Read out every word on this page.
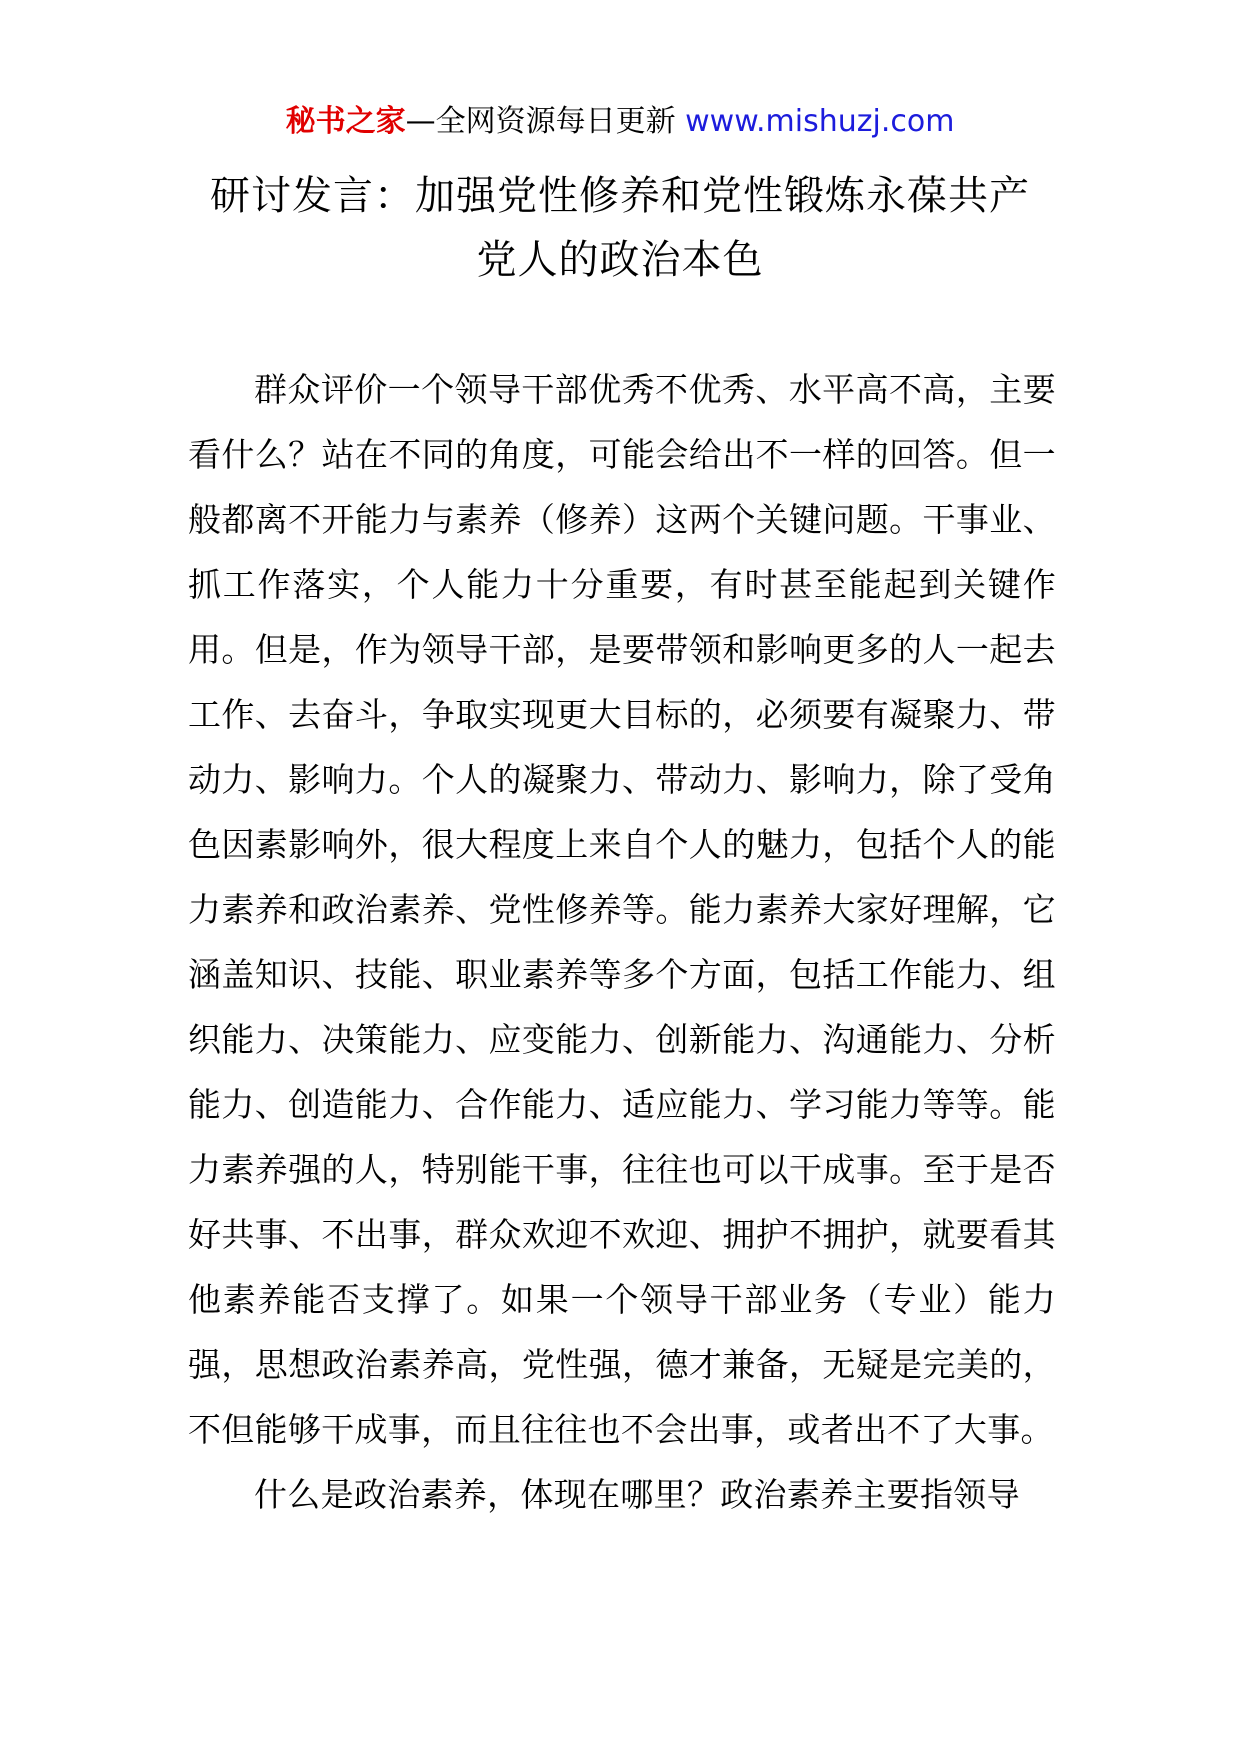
秘书之家—全网资源每日更新 www.mishuzj.com
研讨发言：加强党性修养和党性锻炼永葆共产
党人的政治本色

群众评价一个领导干部优秀不优秀、水平高不高，主要看什么？站在不同的角度，可能会给出不一样的回答。但一般都离不开能力与素养（修养）这两个关键问题。干事业、抓工作落实，个人能力十分重要，有时甚至能起到关键作用。但是，作为领导干部，是要带领和影响更多的人一起去工作、去奋斗，争取实现更大目标的，必须要有凝聚力、带动力、影响力。个人的凝聚力、带动力、影响力，除了受角色因素影响外，很大程度上来自个人的魅力，包括个人的能力素养和政治素养、党性修养等。能力素养大家好理解，它涵盖知识、技能、职业素养等多个方面，包括工作能力、组织能力、决策能力、应变能力、创新能力、沟通能力、分析能力、创造能力、合作能力、适应能力、学习能力等等。能力素养强的人，特别能干事，往往也可以干成事。至于是否好共事、不出事，群众欢迎不欢迎、拥护不拥护，就要看其他素养能否支撑了。如果一个领导干部业务（专业）能力强，思想政治素养高，党性强，德才兼备，无疑是完美的，不但能够干成事，而且往往也不会出事，或者出不了大事。

什么是政治素养，体现在哪里？政治素养主要指领导
